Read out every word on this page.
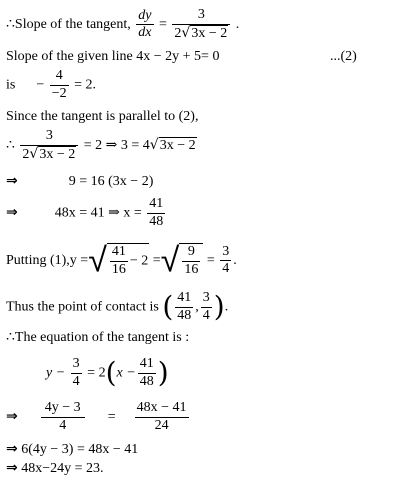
∴Slope of the tangent, $\frac{dy}{dx} = \frac{3}{2√3x - 2}$ .
Slope of the given line 4x − 2y + 5= 0	...(2)
is − $\frac{4}{-2} = 2$.
Since the tangent is parallel to (2),
∴ $\frac{3}{2√3x - 2} = 2$ ⇒ 3 = 4√3x − 2
⇒	9 = 16 (3x − 2)
⇒	48x = 41 ⇒ $x = \frac{41}{48}$
Putting (1),y =√ $\frac{41}{16} - 2$ =√ $\frac{9}{16} = \frac{3}{4}$ .
Thus the point of contact is ( $\frac{41}{48}$ , $\frac{3}{4}$ ).
∴The equation of the tangent is :
$y - \frac{3}{4} = 2(x - \frac{41}{48}$ )
⇒ $\frac{4y - 3}{4} = \frac{48x - 41}{24}$
⇒ 6(4y − 3) = 48x − 41
⇒ 48x−24y = 23.
